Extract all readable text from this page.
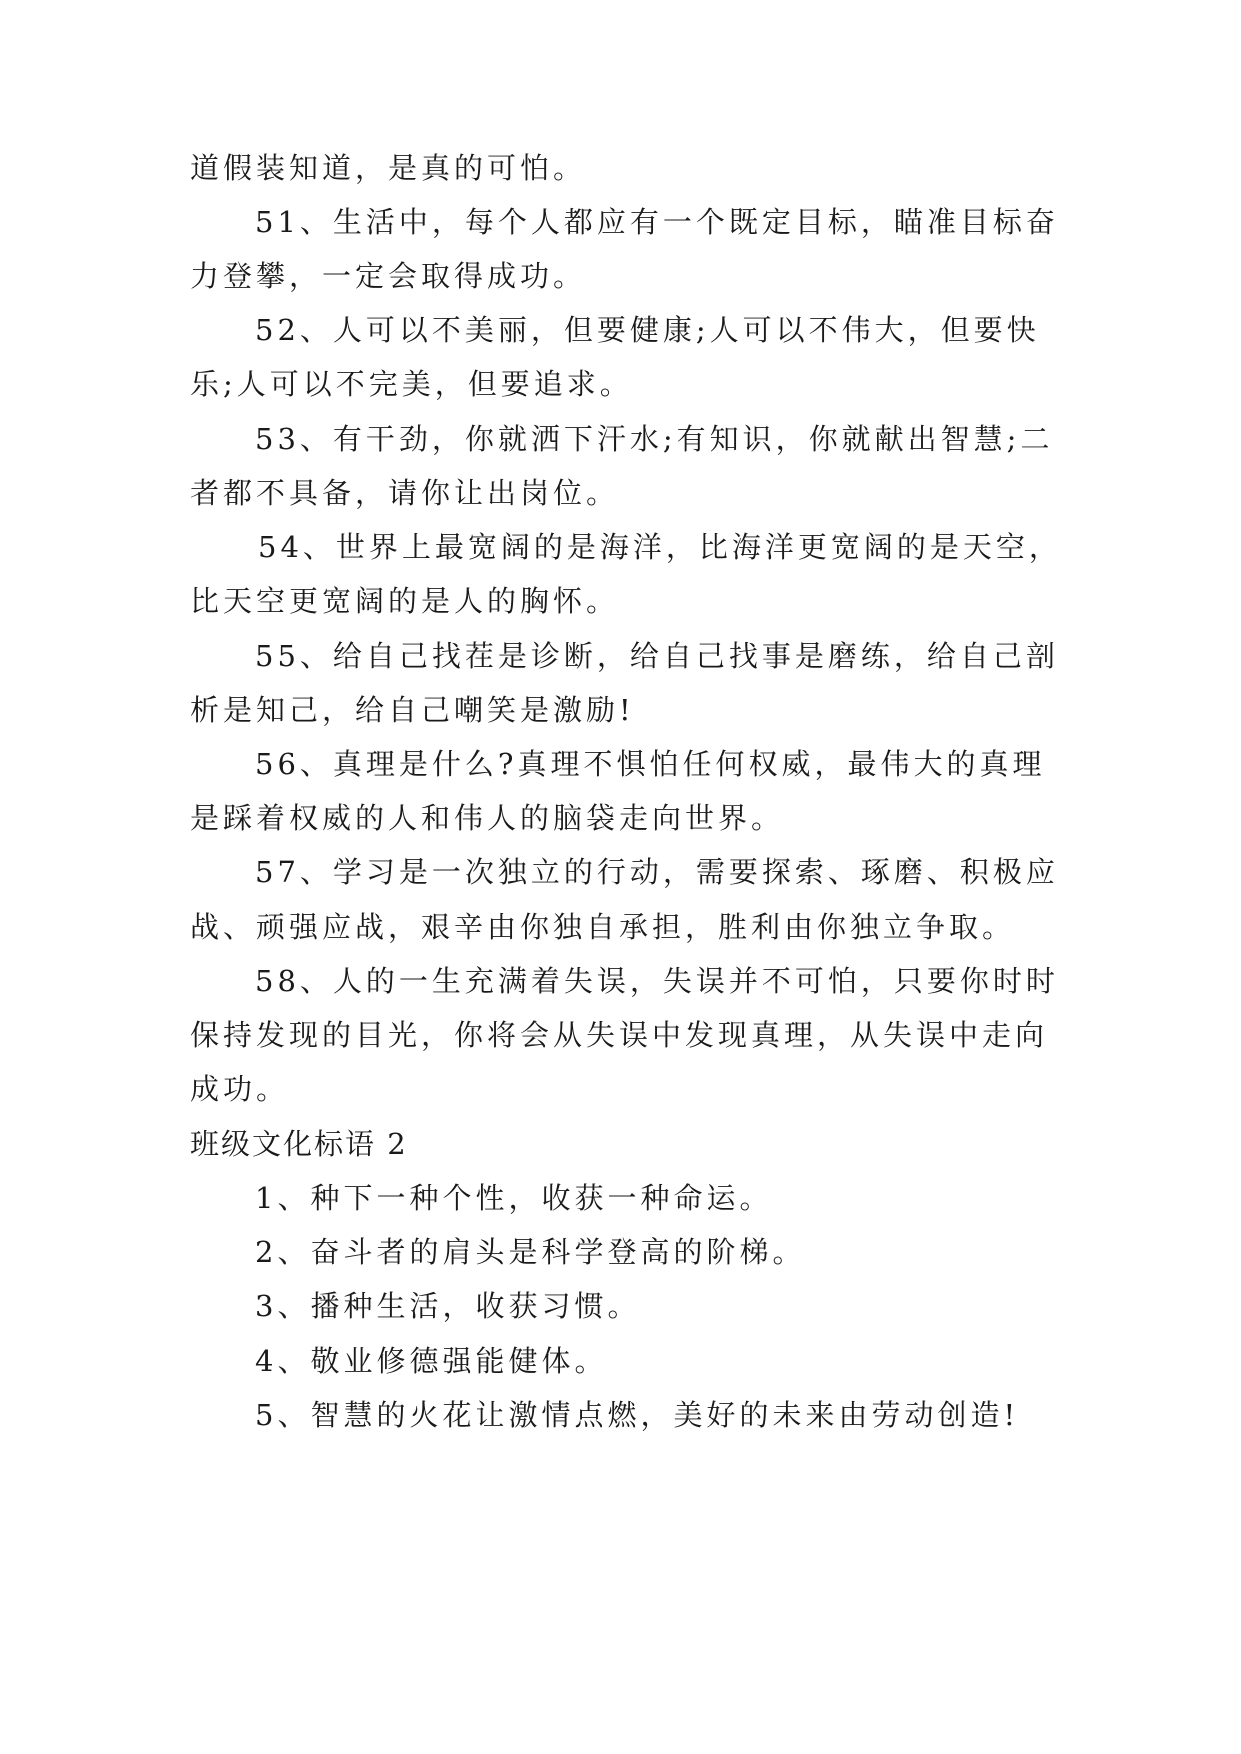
道假装知道，是真的可怕。
51、生活中，每个人都应有一个既定目标，瞄准目标奋
力登攀，一定会取得成功。
52、人可以不美丽，但要健康;人可以不伟大，但要快
乐;人可以不完美，但要追求。
53、有干劲，你就洒下汗水;有知识，你就献出智慧;二
者都不具备，请你让出岗位。
54、世界上最宽阔的是海洋，比海洋更宽阔的是天空，
比天空更宽阔的是人的胸怀。
55、给自己找茬是诊断，给自己找事是磨练，给自己剖
析是知己，给自己嘲笑是激励!
56、真理是什么?真理不惧怕任何权威，最伟大的真理
是踩着权威的人和伟人的脑袋走向世界。
57、学习是一次独立的行动，需要探索、琢磨、积极应
战、顽强应战，艰辛由你独自承担，胜利由你独立争取。
58、人的一生充满着失误，失误并不可怕，只要你时时
保持发现的目光，你将会从失误中发现真理，从失误中走向
成功。
班级文化标语 2
1、种下一种个性，收获一种命运。
2、奋斗者的肩头是科学登高的阶梯。
3、播种生活，收获习惯。
4、敬业修德强能健体。
5、智慧的火花让激情点燃，美好的未来由劳动创造!
